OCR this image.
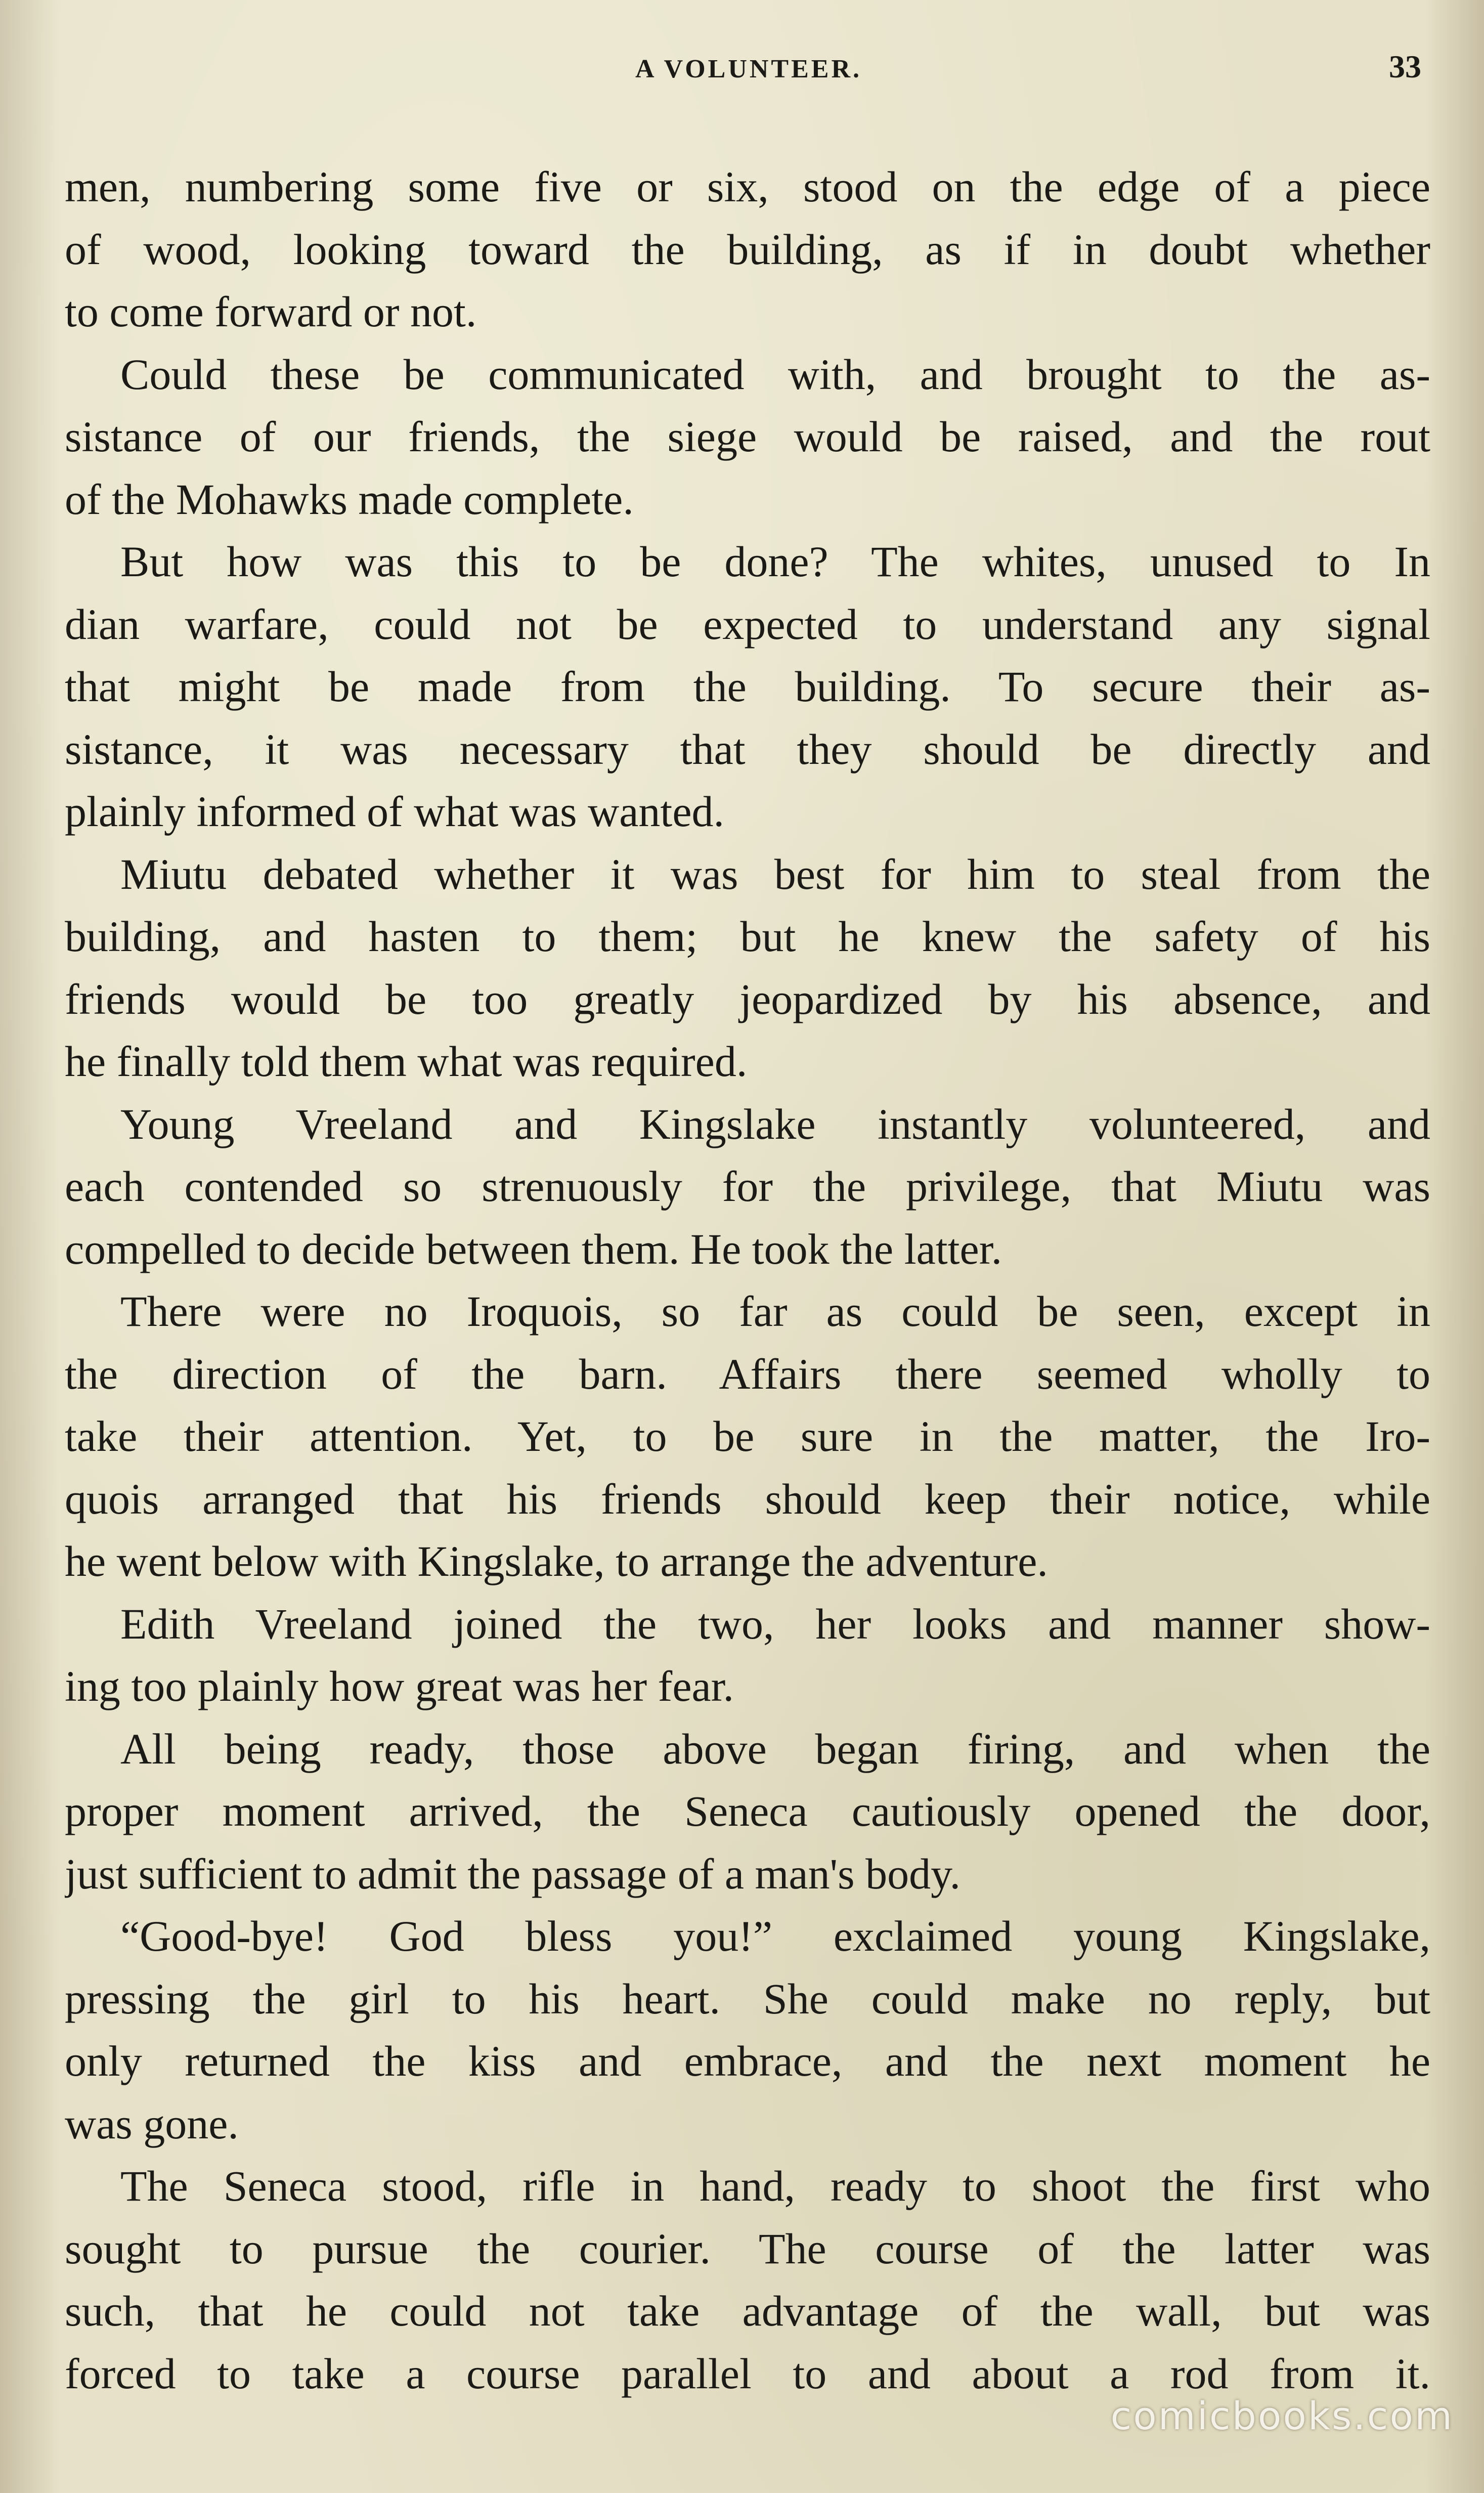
A VOLUNTEER.	33
men, numbering some five or six, stood on the edge of a piece
of wood, looking toward the building, as if in doubt whether
to come forward or not.
Could these be communicated with, and brought to the as-
sistance of our friends, the siege would be raised, and the rout
of the Mohawks made complete.
But how was this to be done? The whites, unused to In
dian warfare, could not be expected to understand any signal
that might be made from the building. To secure their as-
sistance, it was necessary that they should be directly and
plainly informed of what was wanted.
Miutu debated whether it was best for him to steal from the
building, and hasten to them; but he knew the safety of his
friends would be too greatly jeopardized by his absence, and
he finally told them what was required.
Young Vreeland and Kingslake instantly volunteered, and
each contended so strenuously for the privilege, that Miutu was
compelled to decide between them. He took the latter.
There were no Iroquois, so far as could be seen, except in
the direction of the barn. Affairs there seemed wholly to
take their attention. Yet, to be sure in the matter, the Iro-
quois arranged that his friends should keep their notice, while
he went below with Kingslake, to arrange the adventure.
Edith Vreeland joined the two, her looks and manner show-
ing too plainly how great was her fear.
All being ready, those above began firing, and when the
proper moment arrived, the Seneca cautiously opened the door,
just sufficient to admit the passage of a man's body.
“Good-bye! God bless you!” exclaimed young Kingslake,
pressing the girl to his heart. She could make no reply, but
only returned the kiss and embrace, and the next moment he
was gone.
The Seneca stood, rifle in hand, ready to shoot the first who
sought to pursue the courier. The course of the latter was
such, that he could not take advantage of the wall, but was
forced to take a course parallel to and about a rod from it.
comicbooks.com
